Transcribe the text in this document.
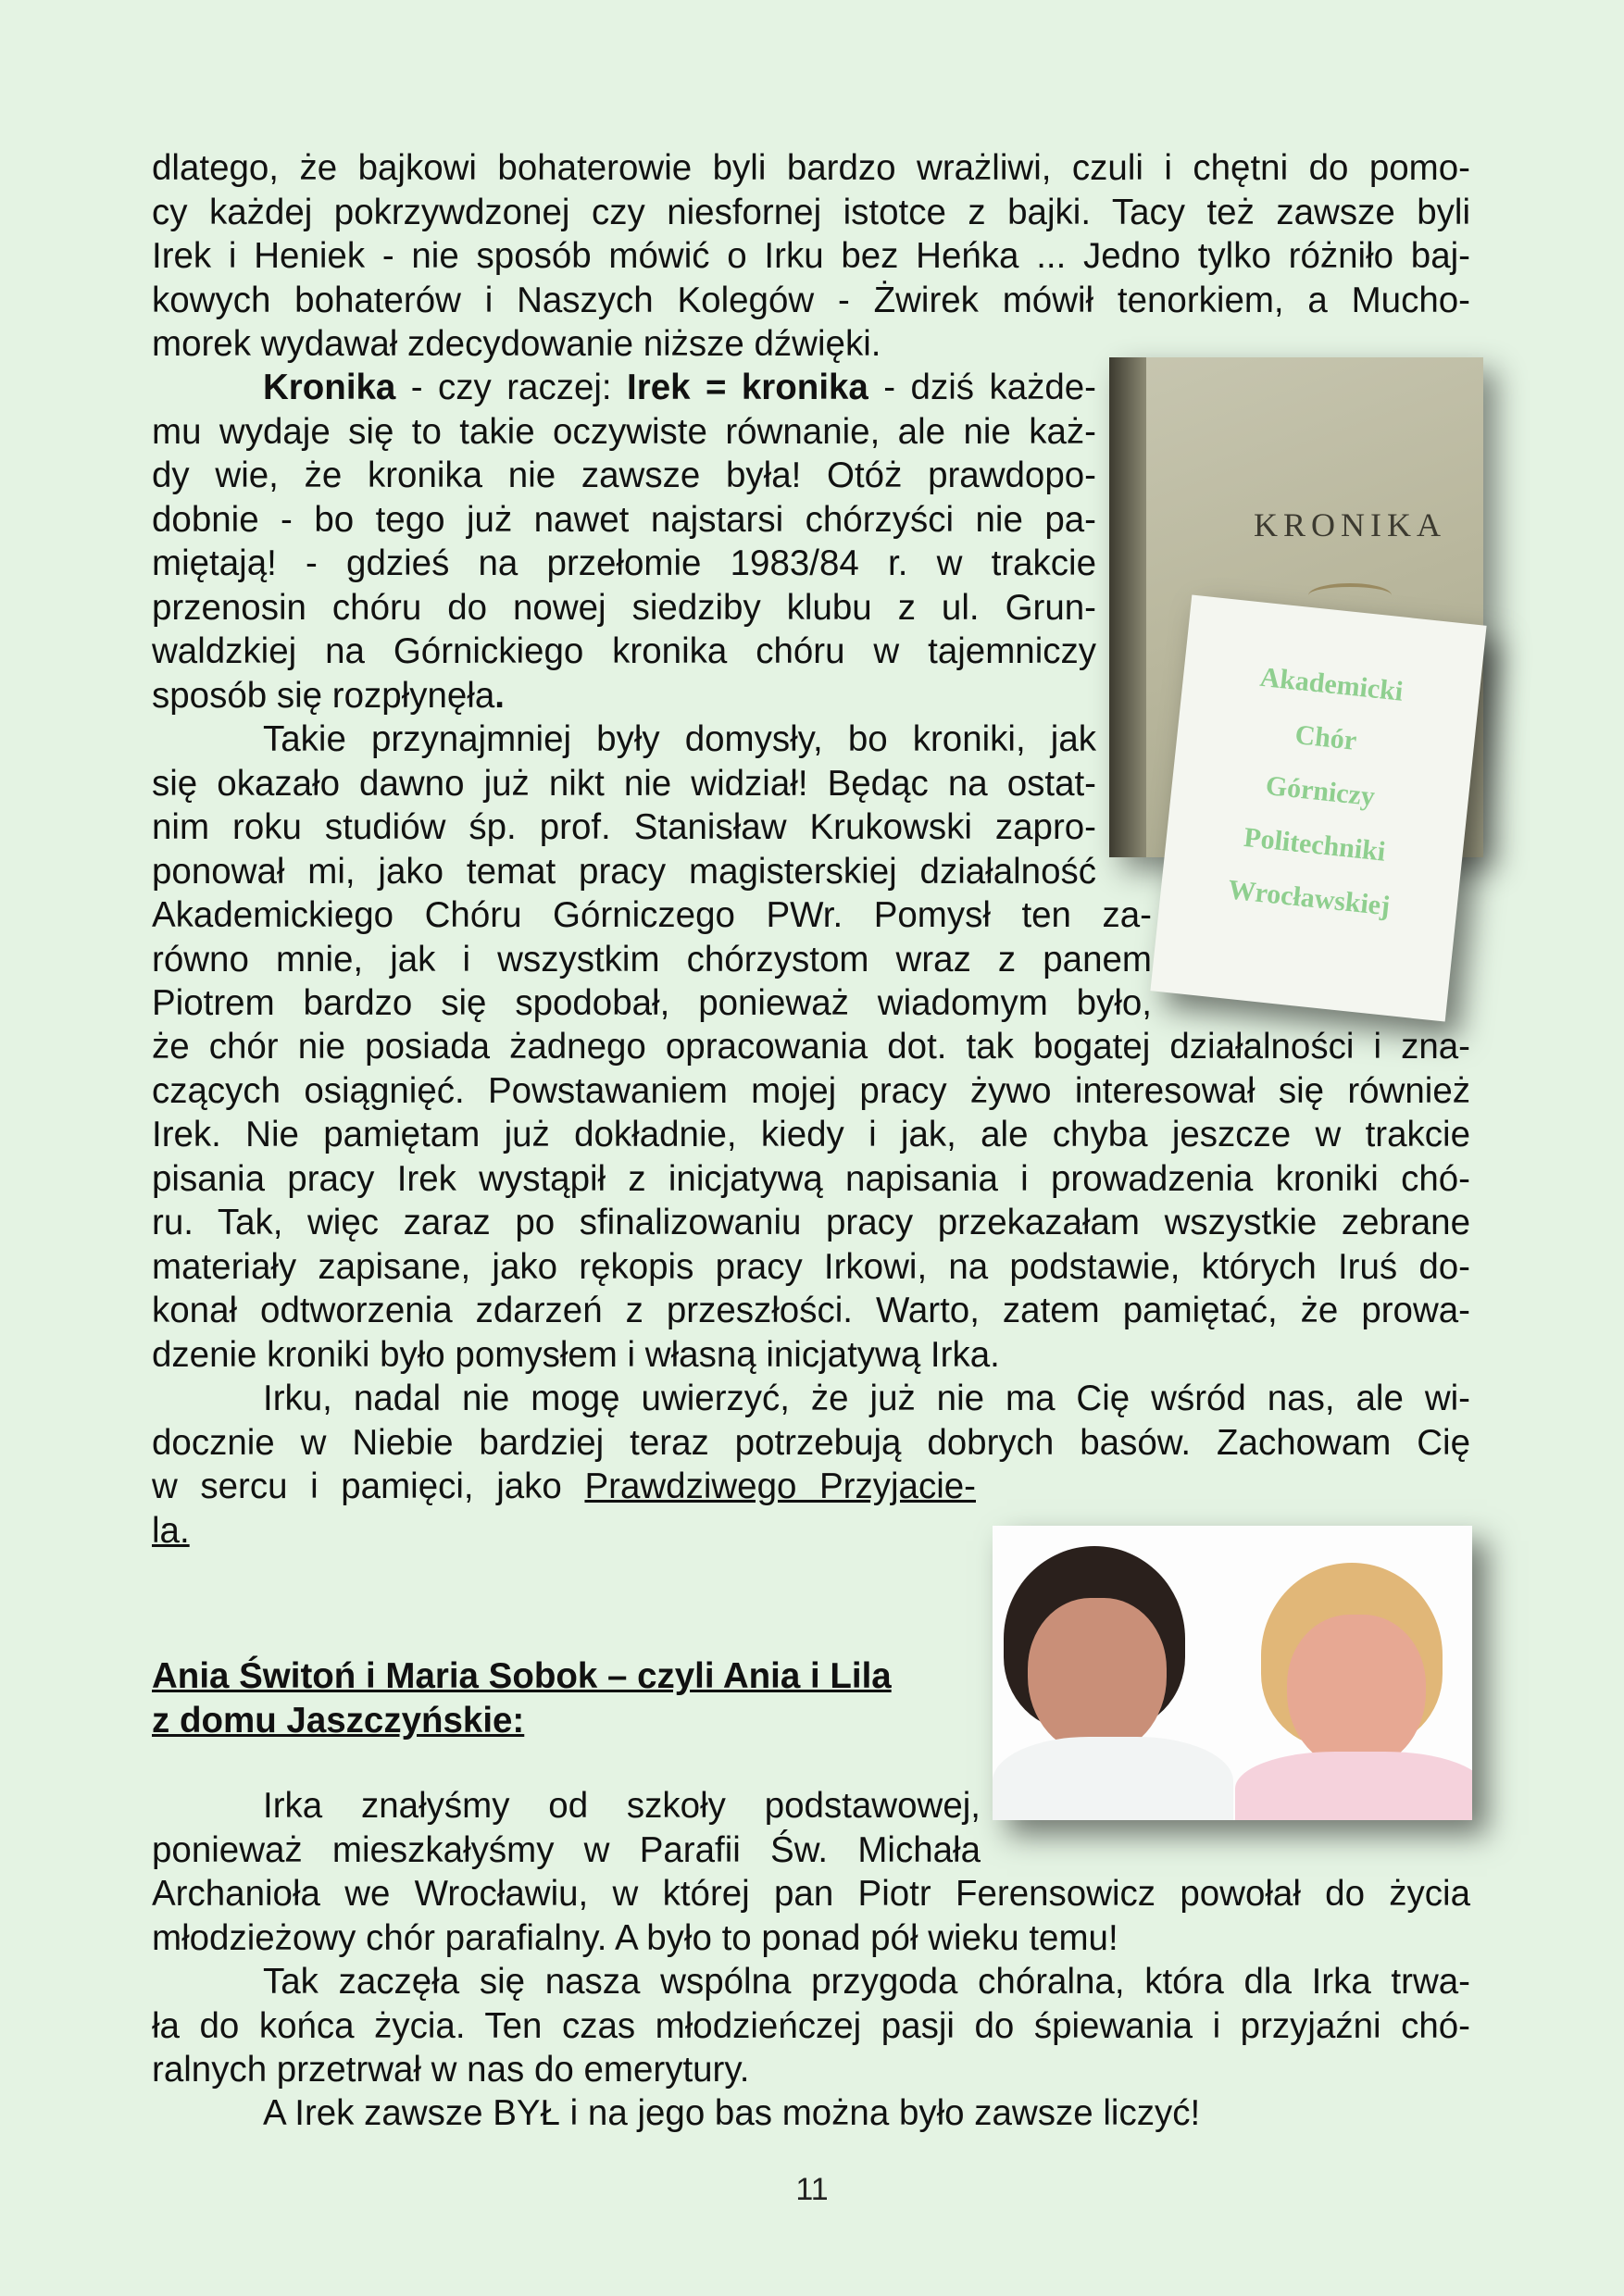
dlatego, że bajkowi bohaterowie byli bardzo wrażliwi, czuli i chętni do pomo-
cy każdej pokrzywdzonej czy niesfornej istotce z bajki. Tacy też zawsze byli
Irek i Heniek - nie sposób mówić o Irku bez Heńka ... Jedno tylko różniło baj-
kowych bohaterów i Naszych Kolegów - Żwirek mówił tenorkiem, a Mucho-
morek wydawał zdecydowanie niższe dźwięki.
Kronika - czy raczej: Irek = kronika - dziś każde-
mu wydaje się to takie oczywiste równanie, ale nie każ-
dy wie, że kronika nie zawsze była! Otóż prawdopo-
dobnie - bo tego już nawet najstarsi chórzyści nie pa-
miętają! - gdzieś na przełomie 1983/84 r. w trakcie
przenosin chóru do nowej siedziby klubu z ul. Grun-
waldzkiej na Górnickiego kronika chóru w tajemniczy
sposób się rozpłynęła.
Takie przynajmniej były domysły, bo kroniki, jak
się okazało dawno już nikt nie widział! Będąc na ostat-
nim roku studiów śp. prof. Stanisław Krukowski zapro-
ponował mi, jako temat pracy magisterskiej działalność
Akademickiego Chóru Górniczego PWr. Pomysł ten za-
równo mnie, jak i wszystkim chórzystom wraz z panem
Piotrem bardzo się spodobał, ponieważ wiadomym było,
że chór nie posiada żadnego opracowania dot. tak bogatej działalności i zna-
czących osiągnięć. Powstawaniem mojej pracy żywo interesował się również
Irek. Nie pamiętam już dokładnie, kiedy i jak, ale chyba jeszcze w trakcie
pisania pracy Irek wystąpił z inicjatywą napisania i prowadzenia kroniki chó-
ru. Tak, więc zaraz po sfinalizowaniu pracy przekazałam wszystkie zebrane
materiały zapisane, jako rękopis pracy Irkowi, na podstawie, których Iruś do-
konał odtworzenia zdarzeń z przeszłości. Warto, zatem pamiętać, że prowa-
dzenie kroniki było pomysłem i własną inicjatywą Irka.
Irku, nadal nie mogę uwierzyć, że już nie ma Cię wśród nas, ale wi-
docznie w Niebie bardziej teraz potrzebują dobrych basów. Zachowam Cię
w sercu i pamięci, jako Prawdziwego Przyjacie-
la.
Ania Świtoń i Maria Sobok – czyli Ania i Lila
z domu Jaszczyńskie:
Irka znałyśmy od szkoły podstawowej,
ponieważ mieszkałyśmy w Parafii Św. Michała
Archanioła we Wrocławiu, w której pan Piotr Ferensowicz powołał do życia
młodzieżowy chór parafialny. A było to ponad pół wieku temu!
Tak zaczęła się nasza wspólna przygoda chóralna, która dla Irka trwa-
ła do końca życia. Ten czas młodzieńczej pasji do śpiewania i przyjaźni chó-
ralnych przetrwał w nas do emerytury.
A Irek zawsze BYŁ i na jego bas można było zawsze liczyć!
KRONIKA
Akademicki
Chór
Górniczy
Politechniki
Wrocławskiej
11
